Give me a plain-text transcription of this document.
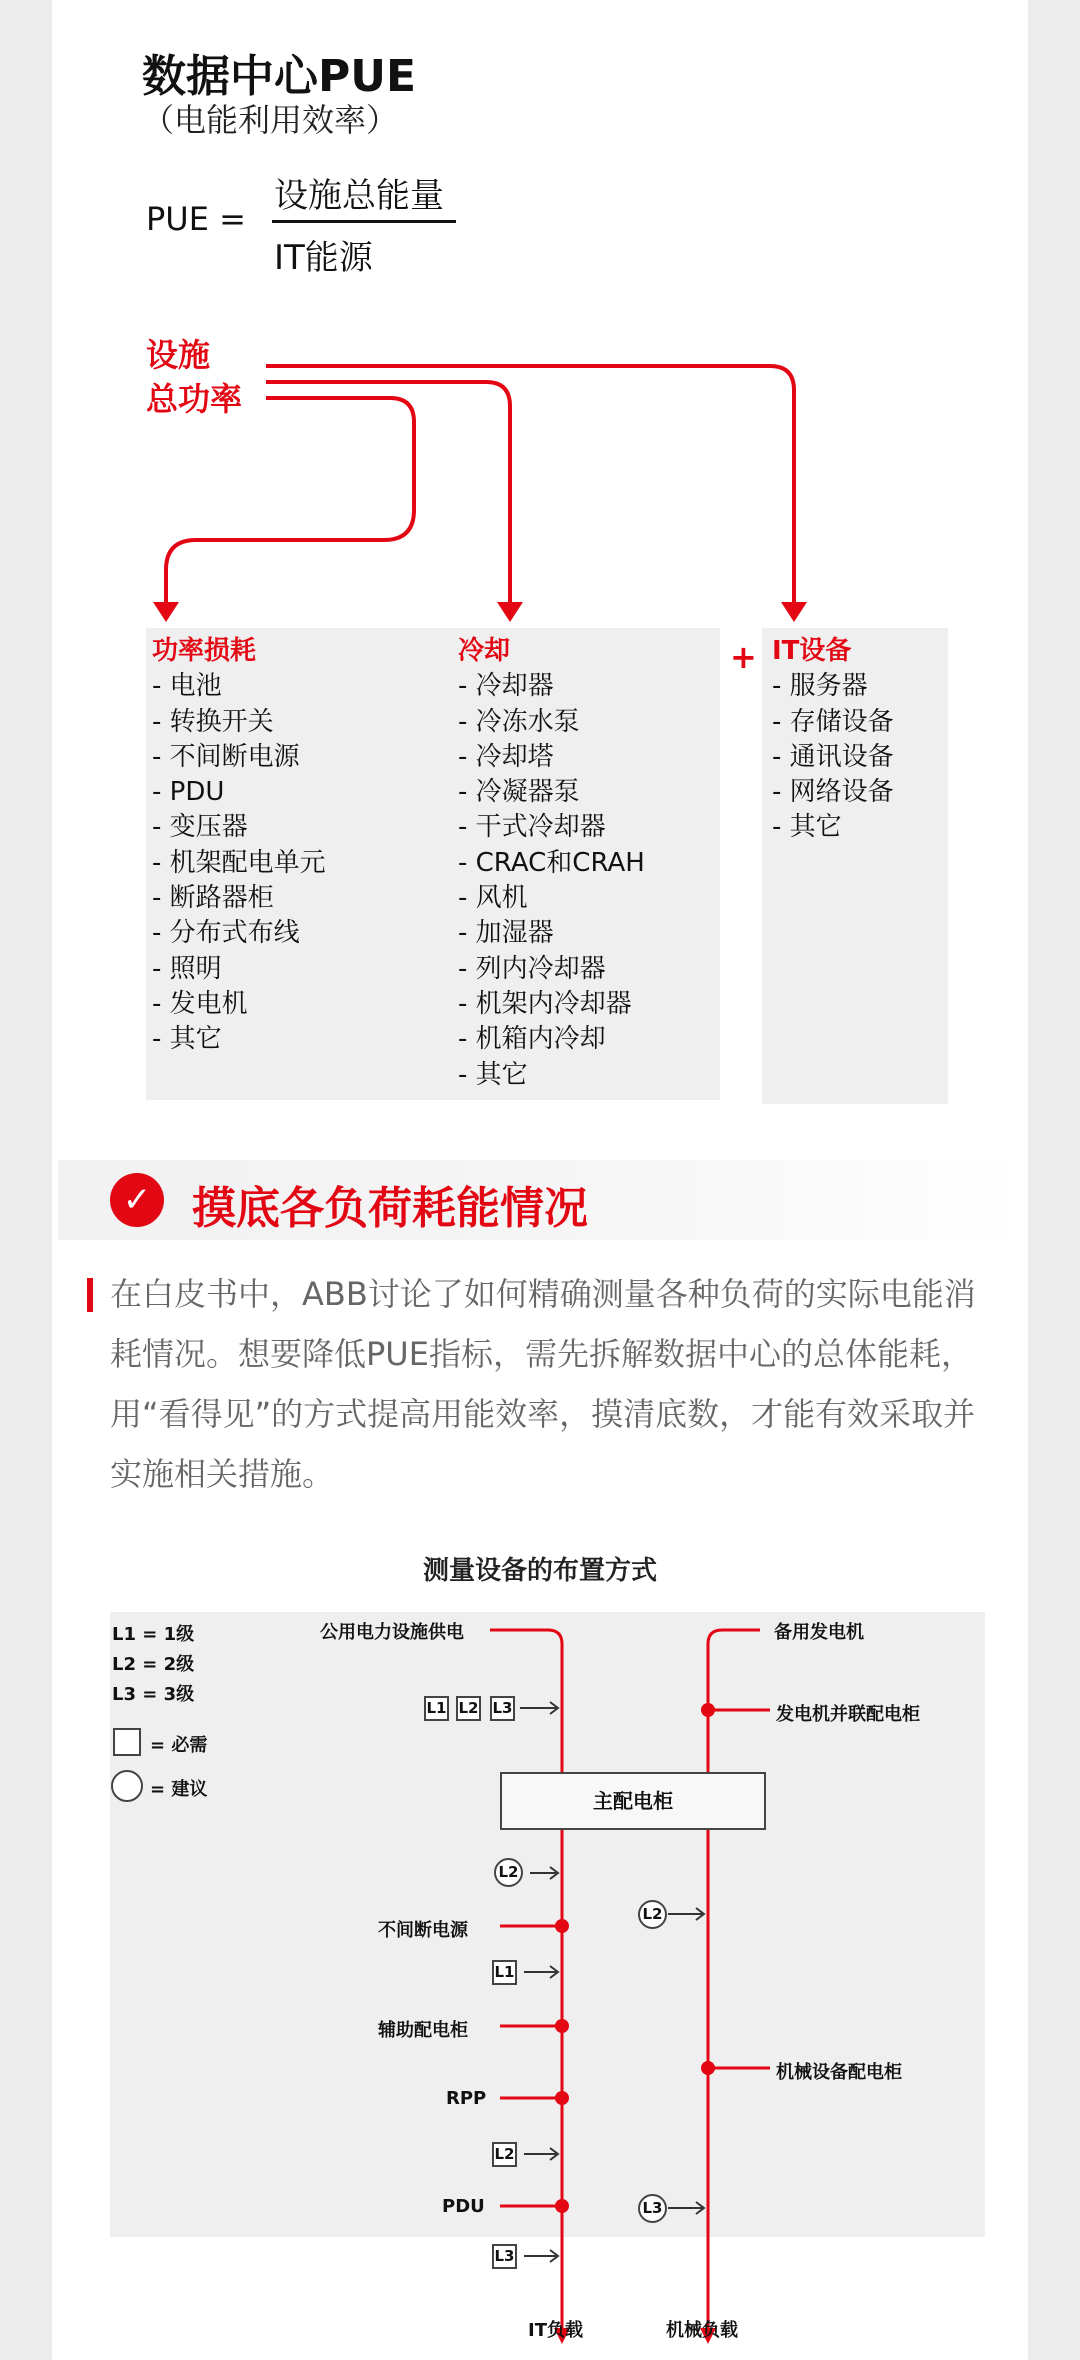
数据中心PUE
（电能利用效率）
PUE =
设施总能量
IT能源
设施
总功率
+
功率损耗
- 电池
- 转换开关
- 不间断电源
- PDU
- 变压器
- 机架配电单元
- 断路器柜
- 分布式布线
- 照明
- 发电机
- 其它
冷却
- 冷却器
- 冷冻水泵
- 冷却塔
- 冷凝器泵
- 干式冷却器
- CRAC和CRAH
- 风机
- 加湿器
- 列内冷却器
- 机架内冷却器
- 机箱内冷却
- 其它
IT设备
- 服务器
- 存储设备
- 通讯设备
- 网络设备
- 其它
✓ 摸底各负荷耗能情况
在白皮书中，ABB讨论了如何精确测量各种负荷的实际电能消耗情况。想要降低PUE指标，需先拆解数据中心的总体能耗，用“看得见”的方式提高用能效率，摸清底数，才能有效采取并实施相关措施。
测量设备的布置方式
L1 = 1级
L2 = 2级
L3 = 3级
= 必需
= 建议
公用电力设施供电	备用发电机
发电机并联配电柜
主配电柜
不间断电源
辅助配电柜
RPP
PDU
机械设备配电柜
IT负载	机械负载
L1 L2 L3
L2
L1
L2
L3
L2
L3
